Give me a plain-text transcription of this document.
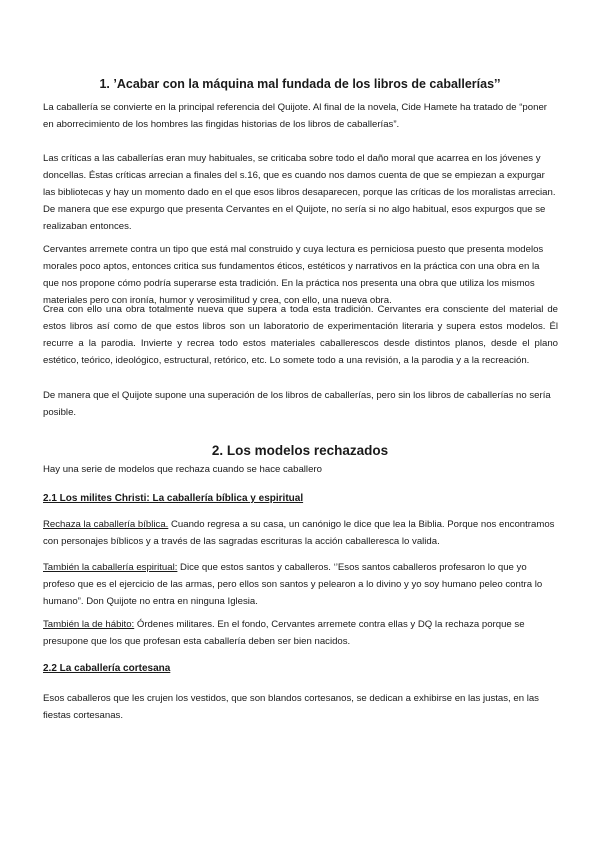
1. ’Acabar con la máquina mal fundada de los libros de caballerías’’
La caballería se convierte en la principal referencia del Quijote. Al final de la novela, Cide Hamete ha tratado de “poner en aborrecimiento de los hombres las fingidas historias de los libros de caballerías”.
Las críticas a las caballerías eran muy habituales, se criticaba sobre todo el daño moral que acarrea en los jóvenes y doncellas. Éstas críticas arrecian a finales del s.16, que es cuando nos damos cuenta de que se empiezan a expurgar las bibliotecas y hay un momento dado en el que esos libros desaparecen, porque las críticas de los moralistas arrecian. De manera que ese expurgo que presenta Cervantes en el Quijote, no sería si no algo habitual, esos expurgos que se realizaban entonces.
Cervantes arremete contra un tipo que está mal construido y cuya lectura es perniciosa puesto que presenta modelos morales poco aptos, entonces critica sus fundamentos éticos, estéticos y narrativos en la práctica con una obra en la que nos propone cómo podría superarse esta tradición. En la práctica nos presenta una obra que utiliza los mismos materiales pero con ironía, humor y verosimilitud y crea, con ello, una nueva obra.
Crea con ello una obra totalmente nueva que supera a toda esta tradición. Cervantes era consciente del material de estos libros así como de que estos libros son un laboratorio de experimentación literaria y supera estos modelos. Él recurre a la parodia. Invierte y recrea todo estos materiales caballerescos desde distintos planos, desde el plano estético, teórico, ideológico, estructural, retórico, etc. Lo somete todo a una revisión, a la parodia y a la recreación.
De manera que el Quijote supone una superación de los libros de caballerías, pero sin los libros de caballerías no sería posible.
2. Los modelos rechazados
Hay una serie de modelos que rechaza cuando se hace caballero
2.1 Los milites Christi: La caballería bíblica y espiritual
Rechaza la caballería bíblica. Cuando regresa a su casa, un canónigo le dice que lea la Biblia. Porque nos encontramos con personajes bíblicos y a través de las sagradas escrituras la acción caballeresca lo valida.
También la caballería espiritual: Dice que estos santos y caballeros. ‘’Esos santos caballeros profesaron lo que yo profeso que es el ejercicio de las armas, pero ellos son santos y pelearon a lo divino y yo soy humano peleo contra lo humano”. Don Quijote no entra en ninguna Iglesia.
También la de hábito: Órdenes militares. En el fondo, Cervantes arremete contra ellas y DQ la rechaza porque se presupone que los que profesan esta caballería deben ser bien nacidos.
2.2 La caballería cortesana
Esos caballeros que les crujen los vestidos, que son blandos cortesanos, se dedican a exhibirse en las justas, en las fiestas cortesanas.
